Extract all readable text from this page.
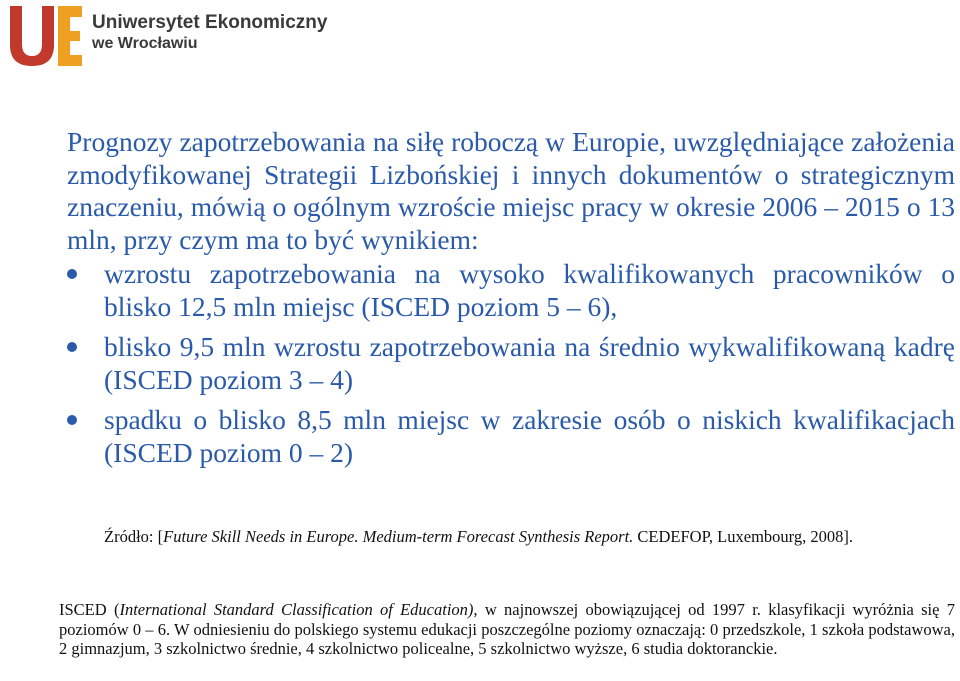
Uniwersytet Ekonomiczny
we Wrocławiu

Prognozy zapotrzebowania na siłę roboczą w Europie, uwzględniające założenia zmodyfikowanej Strategii Lizbońskiej i innych dokumentów o strategicznym znaczeniu, mówią o ogólnym wzroście miejsc pracy w okresie 2006 – 2015 o 13 mln, przy czym ma to być wynikiem:

wzrostu zapotrzebowania na wysoko kwalifikowanych pracowników o blisko 12,5 mln miejsc (ISCED poziom 5 – 6),
blisko 9,5 mln wzrostu zapotrzebowania na średnio wykwalifikowaną kadrę (ISCED poziom 3 – 4)
spadku o blisko 8,5 mln miejsc w zakresie osób o niskich kwalifikacjach (ISCED poziom 0 – 2)
Źródło: [Future Skill Needs in Europe. Medium-term Forecast Synthesis Report. CEDEFOP, Luxembourg, 2008].
ISCED (International Standard Classification of Education), w najnowszej obowiązującej od 1997 r. klasyfikacji wyróżnia się 7 poziomów 0 – 6. W odniesieniu do polskiego systemu edukacji poszczególne poziomy oznaczają: 0 przedszkole, 1 szkoła podstawowa, 2 gimnazjum, 3 szkolnictwo średnie, 4 szkolnictwo policealne, 5 szkolnictwo wyższe, 6 studia doktoranckie.
